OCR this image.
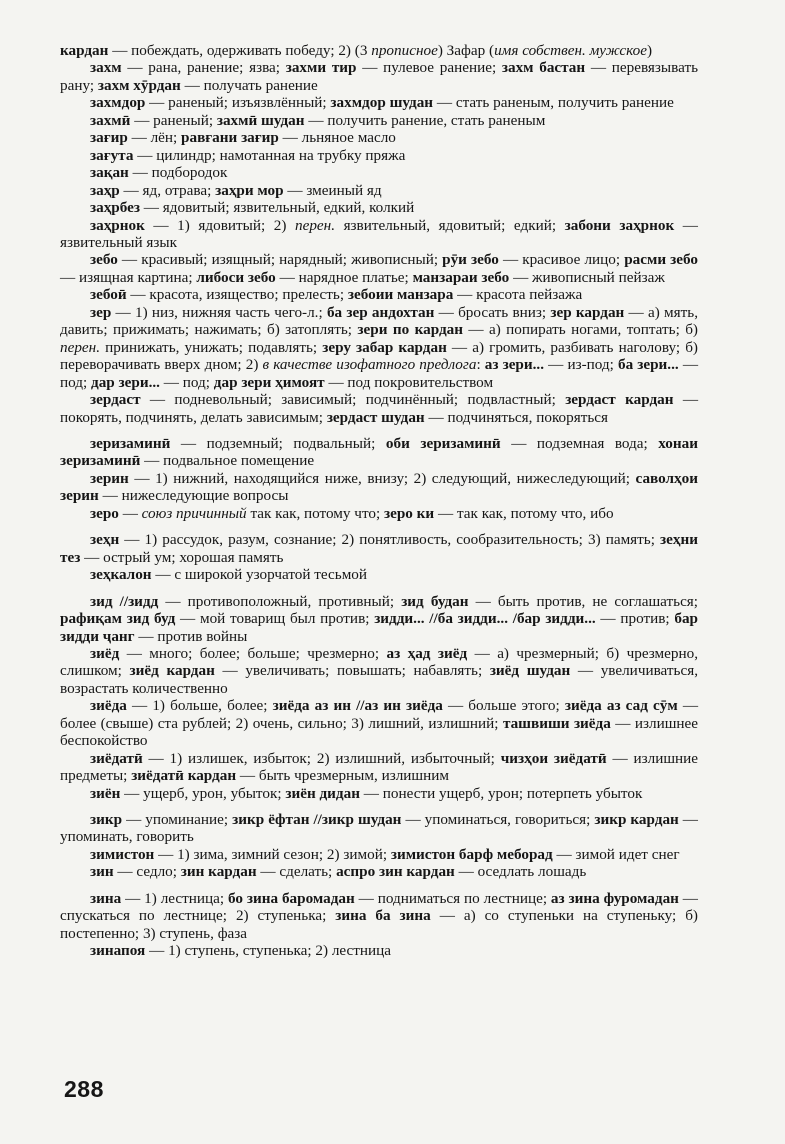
кардан — побеждать, одерживать победу; 2) (3 прописное) Зафар (имя собствен. мужское)

захм — рана, ранение; язва; захми тир — пулевое ранение; захм бастан — перевязывать рану; захм хӯрдан — получать ранение

захмдор — раненый; изъязвлённый; захмдор шудан — стать раненым, получить ранение

захмӣ — раненый; захмӣ шудан — получить ранение, стать раненым

зағир — лён; равғани зағир — льняное масло

зағута — цилиндр; намотанная на трубку пряжа

зақан — подбородок

заҳр — яд, отрава; заҳри мор — змеиный яд

заҳрбез — ядовитый; язвительный, едкий, колкий

заҳрнок — 1) ядовитый; 2) перен. язвительный, ядовитый; едкий; забони заҳрнок — язвительный язык

зебо — красивый; изящный; нарядный; живописный; рӯи зебо — красивое лицо; расми зебо — изящная картина; либоси зебо — нарядное платье; манзараи зебо — живописный пейзаж

зебоӣ — красота, изящество; прелесть; зебоии манзара — красота пейзажа

зер — 1) низ, нижняя часть чего-л.; ба зер андохтан — бросать вниз; зер кардан — а) мять, давить; прижимать; нажимать; б) затоплять; зери по кардан — а) попирать ногами, топтать; б) перен. принижать, унижать; подавлять; зеру забар кардан — а) громить, разбивать наголову; б) переворачивать вверх дном; 2) в качестве изофатного предлога: аз зери... — из-под; ба зери... — под; дар зери... — под; дар зери ҳимоят — под покровительством

зердаст — подневольный; зависимый; подчинённый; подвластный; зердаст кардан — покорять, подчинять, делать зависимым; зердаст шудан — подчиняться, покоряться

зеризаминӣ — подземный; подвальный; оби зеризаминӣ — подземная вода; хонаи зеризаминӣ — подвальное помещение

зерин — 1) нижний, находящийся ниже, внизу; 2) следующий, нижеследующий; саволҳои зерин — нижеследующие вопросы

зеро — союз причинный так как, потому что; зеро ки — так как, потому что, ибо

зеҳн — 1) рассудок, разум, сознание; 2) понятливость, сообразительность; 3) память; зеҳни тез — острый ум; хорошая память

зеҳкалон — с широкой узорчатой тесьмой

зид //зидд — противоположный, противный; зид будан — быть против, не соглашаться; рафиқам зид буд — мой товарищ был против; зидди... //ба зидди... /бар зидди... — против; бар зидди ҷанг — против войны

зиёд — много; более; больше; чрезмерно; аз ҳад зиёд — а) чрезмерный; б) чрезмерно, слишком; зиёд кардан — увеличивать; повышать; набавлять; зиёд шудан — увеличиваться, возрастать количественно

зиёда — 1) больше, более; зиёда аз ин //аз ин зиёда — больше этого; зиёда аз сад сӯм — более (свыше) ста рублей; 2) очень, сильно; 3) лишний, излишний; ташвиши зиёда — излишнее беспокойство

зиёдатӣ — 1) излишек, избыток; 2) излишний, избыточный; чизҳои зиёдатӣ — излишние предметы; зиёдатӣ кардан — быть чрезмерным, излишним

зиён — ущерб, урон, убыток; зиён дидан — понести ущерб, урон; потерпеть убыток

зикр — упоминание; зикр ёфтан //зикр шудан — упоминаться, говориться; зикр кардан — упоминать, говорить

зимистон — 1) зима, зимний сезон; 2) зимой; зимистон барф меборад — зимой идет снег

зин — седло; зин кардан — сделать; аспро зин кардан — оседлать лошадь

зина — 1) лестница; бо зина баромадан — подниматься по лестнице; аз зина фуромадан — спускаться по лестнице; 2) ступенька; зина ба зина — а) со ступеньки на ступеньку; б) постепенно; 3) ступень, фаза

зинапоя — 1) ступень, ступенька; 2) лестница

288
